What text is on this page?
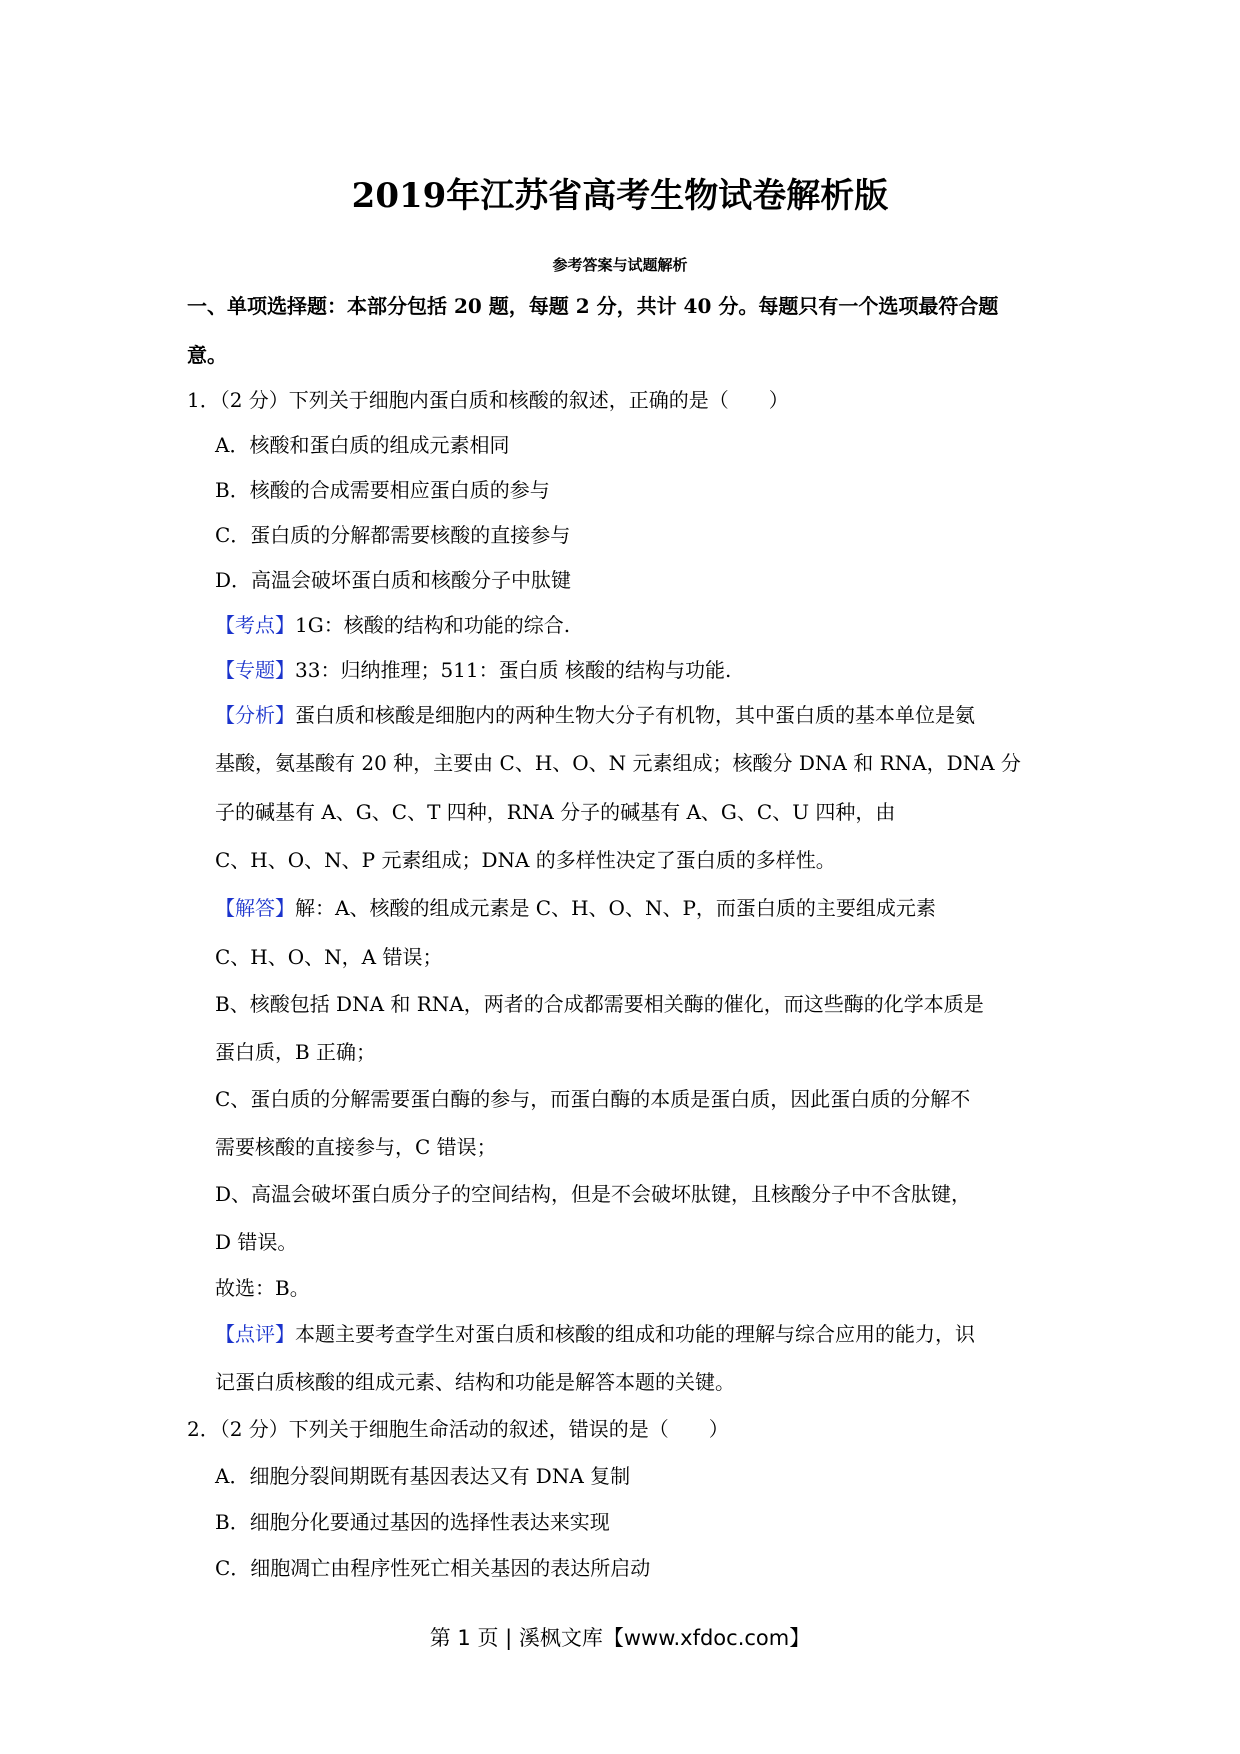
2019年江苏省高考生物试卷解析版
参考答案与试题解析
一、单项选择题：本部分包括 20 题，每题 2 分，共计 40 分。每题只有一个选项最符合题
意。
1．（2 分）下列关于细胞内蛋白质和核酸的叙述，正确的是（　　）
A．核酸和蛋白质的组成元素相同
B．核酸的合成需要相应蛋白质的参与
C．蛋白质的分解都需要核酸的直接参与
D．高温会破坏蛋白质和核酸分子中肽键
【考点】1G：核酸的结构和功能的综合.
【专题】33：归纳推理；511：蛋白质 核酸的结构与功能.
【分析】蛋白质和核酸是细胞内的两种生物大分子有机物，其中蛋白质的基本单位是氨
基酸，氨基酸有 20 种，主要由 C、H、O、N 元素组成；核酸分 DNA 和 RNA，DNA 分
子的碱基有 A、G、C、T 四种，RNA 分子的碱基有 A、G、C、U 四种，由
C、H、O、N、P 元素组成；DNA 的多样性决定了蛋白质的多样性。
【解答】解：A、核酸的组成元素是 C、H、O、N、P，而蛋白质的主要组成元素
C、H、O、N，A 错误；
B、核酸包括 DNA 和 RNA，两者的合成都需要相关酶的催化，而这些酶的化学本质是
蛋白质，B 正确；
C、蛋白质的分解需要蛋白酶的参与，而蛋白酶的本质是蛋白质，因此蛋白质的分解不
需要核酸的直接参与，C 错误；
D、高温会破坏蛋白质分子的空间结构，但是不会破坏肽键，且核酸分子中不含肽键，
D 错误。
故选：B。
【点评】本题主要考查学生对蛋白质和核酸的组成和功能的理解与综合应用的能力，识
记蛋白质核酸的组成元素、结构和功能是解答本题的关键。
2．（2 分）下列关于细胞生命活动的叙述，错误的是（　　）
A．细胞分裂间期既有基因表达又有 DNA 复制
B．细胞分化要通过基因的选择性表达来实现
C．细胞凋亡由程序性死亡相关基因的表达所启动
第 1 页 | 溪枫文库【www.xfdoc.com】
